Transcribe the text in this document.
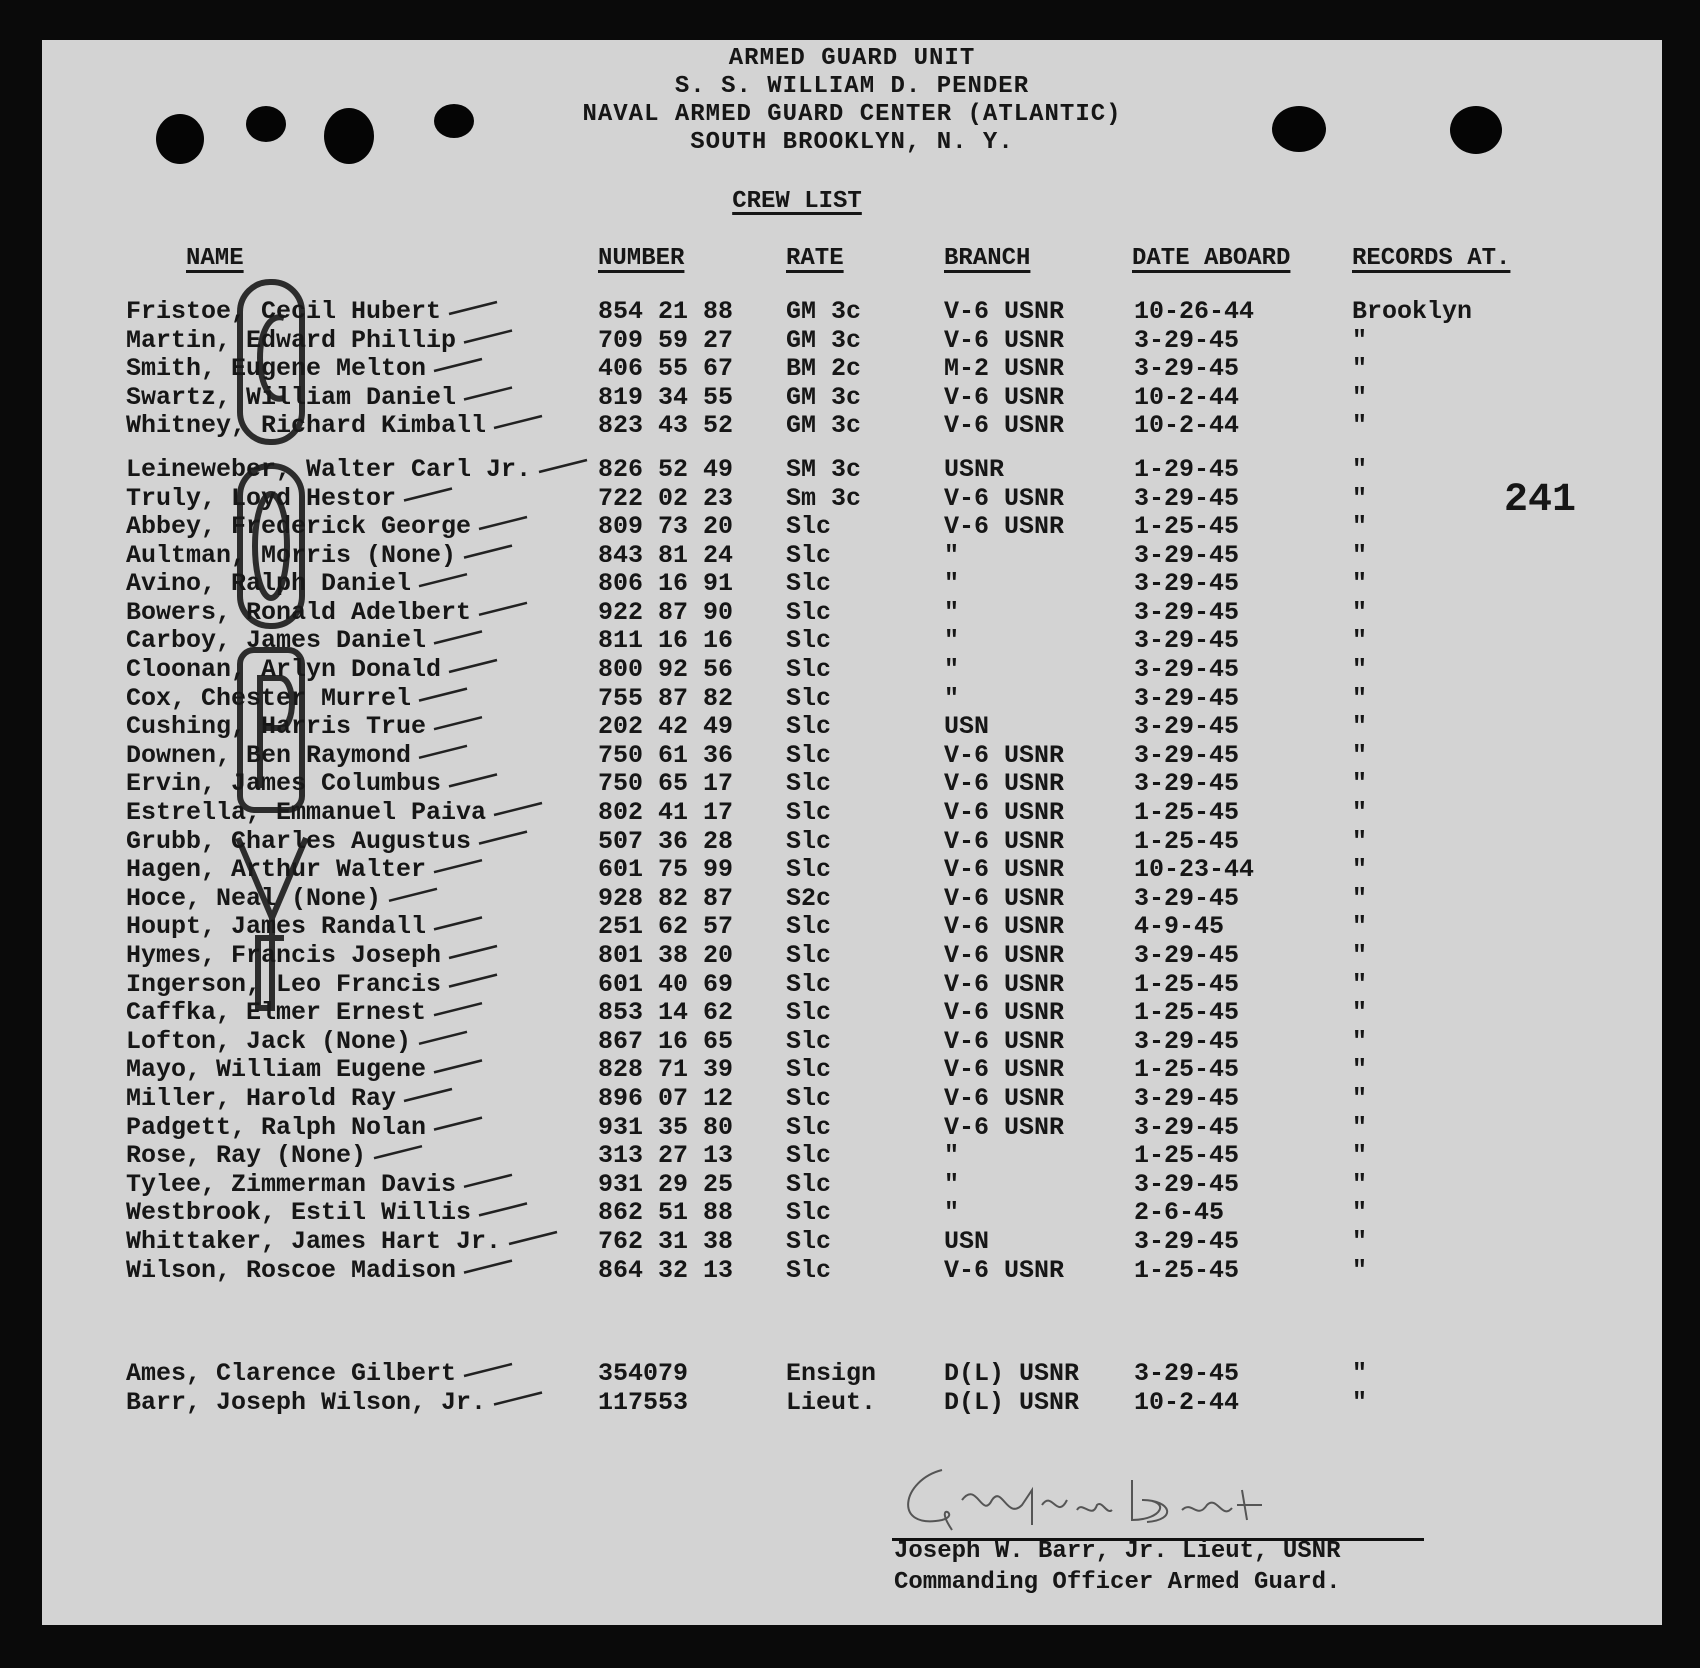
ARMED GUARD UNIT
S. S. WILLIAM D. PENDER
NAVAL ARMED GUARD CENTER (ATLANTIC)
SOUTH BROOKLYN, N. Y.
CREW LIST
NAME	NUMBER	RATE	BRANCH	DATE ABOARD	RECORDS AT.
241
Fristoe, Cecil Hubert	854 21 88 GM 3c	V-6 USNR	10-26-44	Brooklyn
Martin, Edward Phillip	709 59 27 GM 3c	V-6 USNR	3-29-45	"
Smith, Eugene Melton	406 55 67 BM 2c	M-2 USNR	3-29-45	"
Swartz, William Daniel	819 34 55 GM 3c	V-6 USNR	10-2-44	"
Whitney, Richard Kimball	823 43 52 GM 3c	V-6 USNR	10-2-44	"
Leineweber, Walter Carl Jr.	826 52 49 SM 3c	USNR	1-29-45	"
Truly, Loyd Hestor	722 02 23 Sm 3c	V-6 USNR	3-29-45	"
Abbey, Frederick George	809 73 20 Slc	V-6 USNR	1-25-45	"
Aultman, Morris (None)	843 81 24 Slc	"	3-29-45	"
Avino, Ralph Daniel	806 16 91 Slc	"	3-29-45	"
Bowers, Ronald Adelbert	922 87 90 Slc	"	3-29-45	"
Carboy, James Daniel	811 16 16 Slc	"	3-29-45	"
Cloonan, Arlyn Donald	800 92 56 Slc	"	3-29-45	"
Cox, Chester Murrel	755 87 82 Slc	"	3-29-45	"
Cushing, Harris True	202 42 49 Slc	USN	3-29-45	"
Downen, Ben Raymond	750 61 36 Slc	V-6 USNR	3-29-45	"
Ervin, James Columbus	750 65 17 Slc	V-6 USNR	3-29-45	"
Estrella, Emmanuel Paiva	802 41 17 Slc	V-6 USNR	1-25-45	"
Grubb, Charles Augustus	507 36 28 Slc	V-6 USNR	1-25-45	"
Hagen, Arthur Walter	601 75 99 Slc	V-6 USNR	10-23-44	"
Hoce, Neal (None)	928 82 87 S2c	V-6 USNR	3-29-45	"
Houpt, James Randall	251 62 57 Slc	V-6 USNR	4-9-45	"
Hymes, Francis Joseph	801 38 20 Slc	V-6 USNR	3-29-45	"
Ingerson, Leo Francis	601 40 69 Slc	V-6 USNR	1-25-45	"
Caffka, Elmer Ernest	853 14 62 Slc	V-6 USNR	1-25-45	"
Lofton, Jack (None)	867 16 65 Slc	V-6 USNR	3-29-45	"
Mayo, William Eugene	828 71 39 Slc	V-6 USNR	1-25-45	"
Miller, Harold Ray	896 07 12 Slc	V-6 USNR	3-29-45	"
Padgett, Ralph Nolan	931 35 80 Slc	V-6 USNR	3-29-45	"
Rose, Ray (None)	313 27 13 Slc	"	1-25-45	"
Tylee, Zimmerman Davis	931 29 25 Slc	"	3-29-45	"
Westbrook, Estil Willis	862 51 88 Slc	"	2-6-45	"
Whittaker, James Hart Jr.	762 31 38 Slc	USN	3-29-45	"
Wilson, Roscoe Madison	864 32 13 Slc	V-6 USNR	1-25-45	"
Ames, Clarence Gilbert	354079	Ensign	D(L) USNR 3-29-45	"
Barr, Joseph Wilson, Jr.	117553	Lieut.	D(L) USNR 10-2-44	"
Joseph W. Barr, Jr. Lieut, USNR
Commanding Officer Armed Guard.
